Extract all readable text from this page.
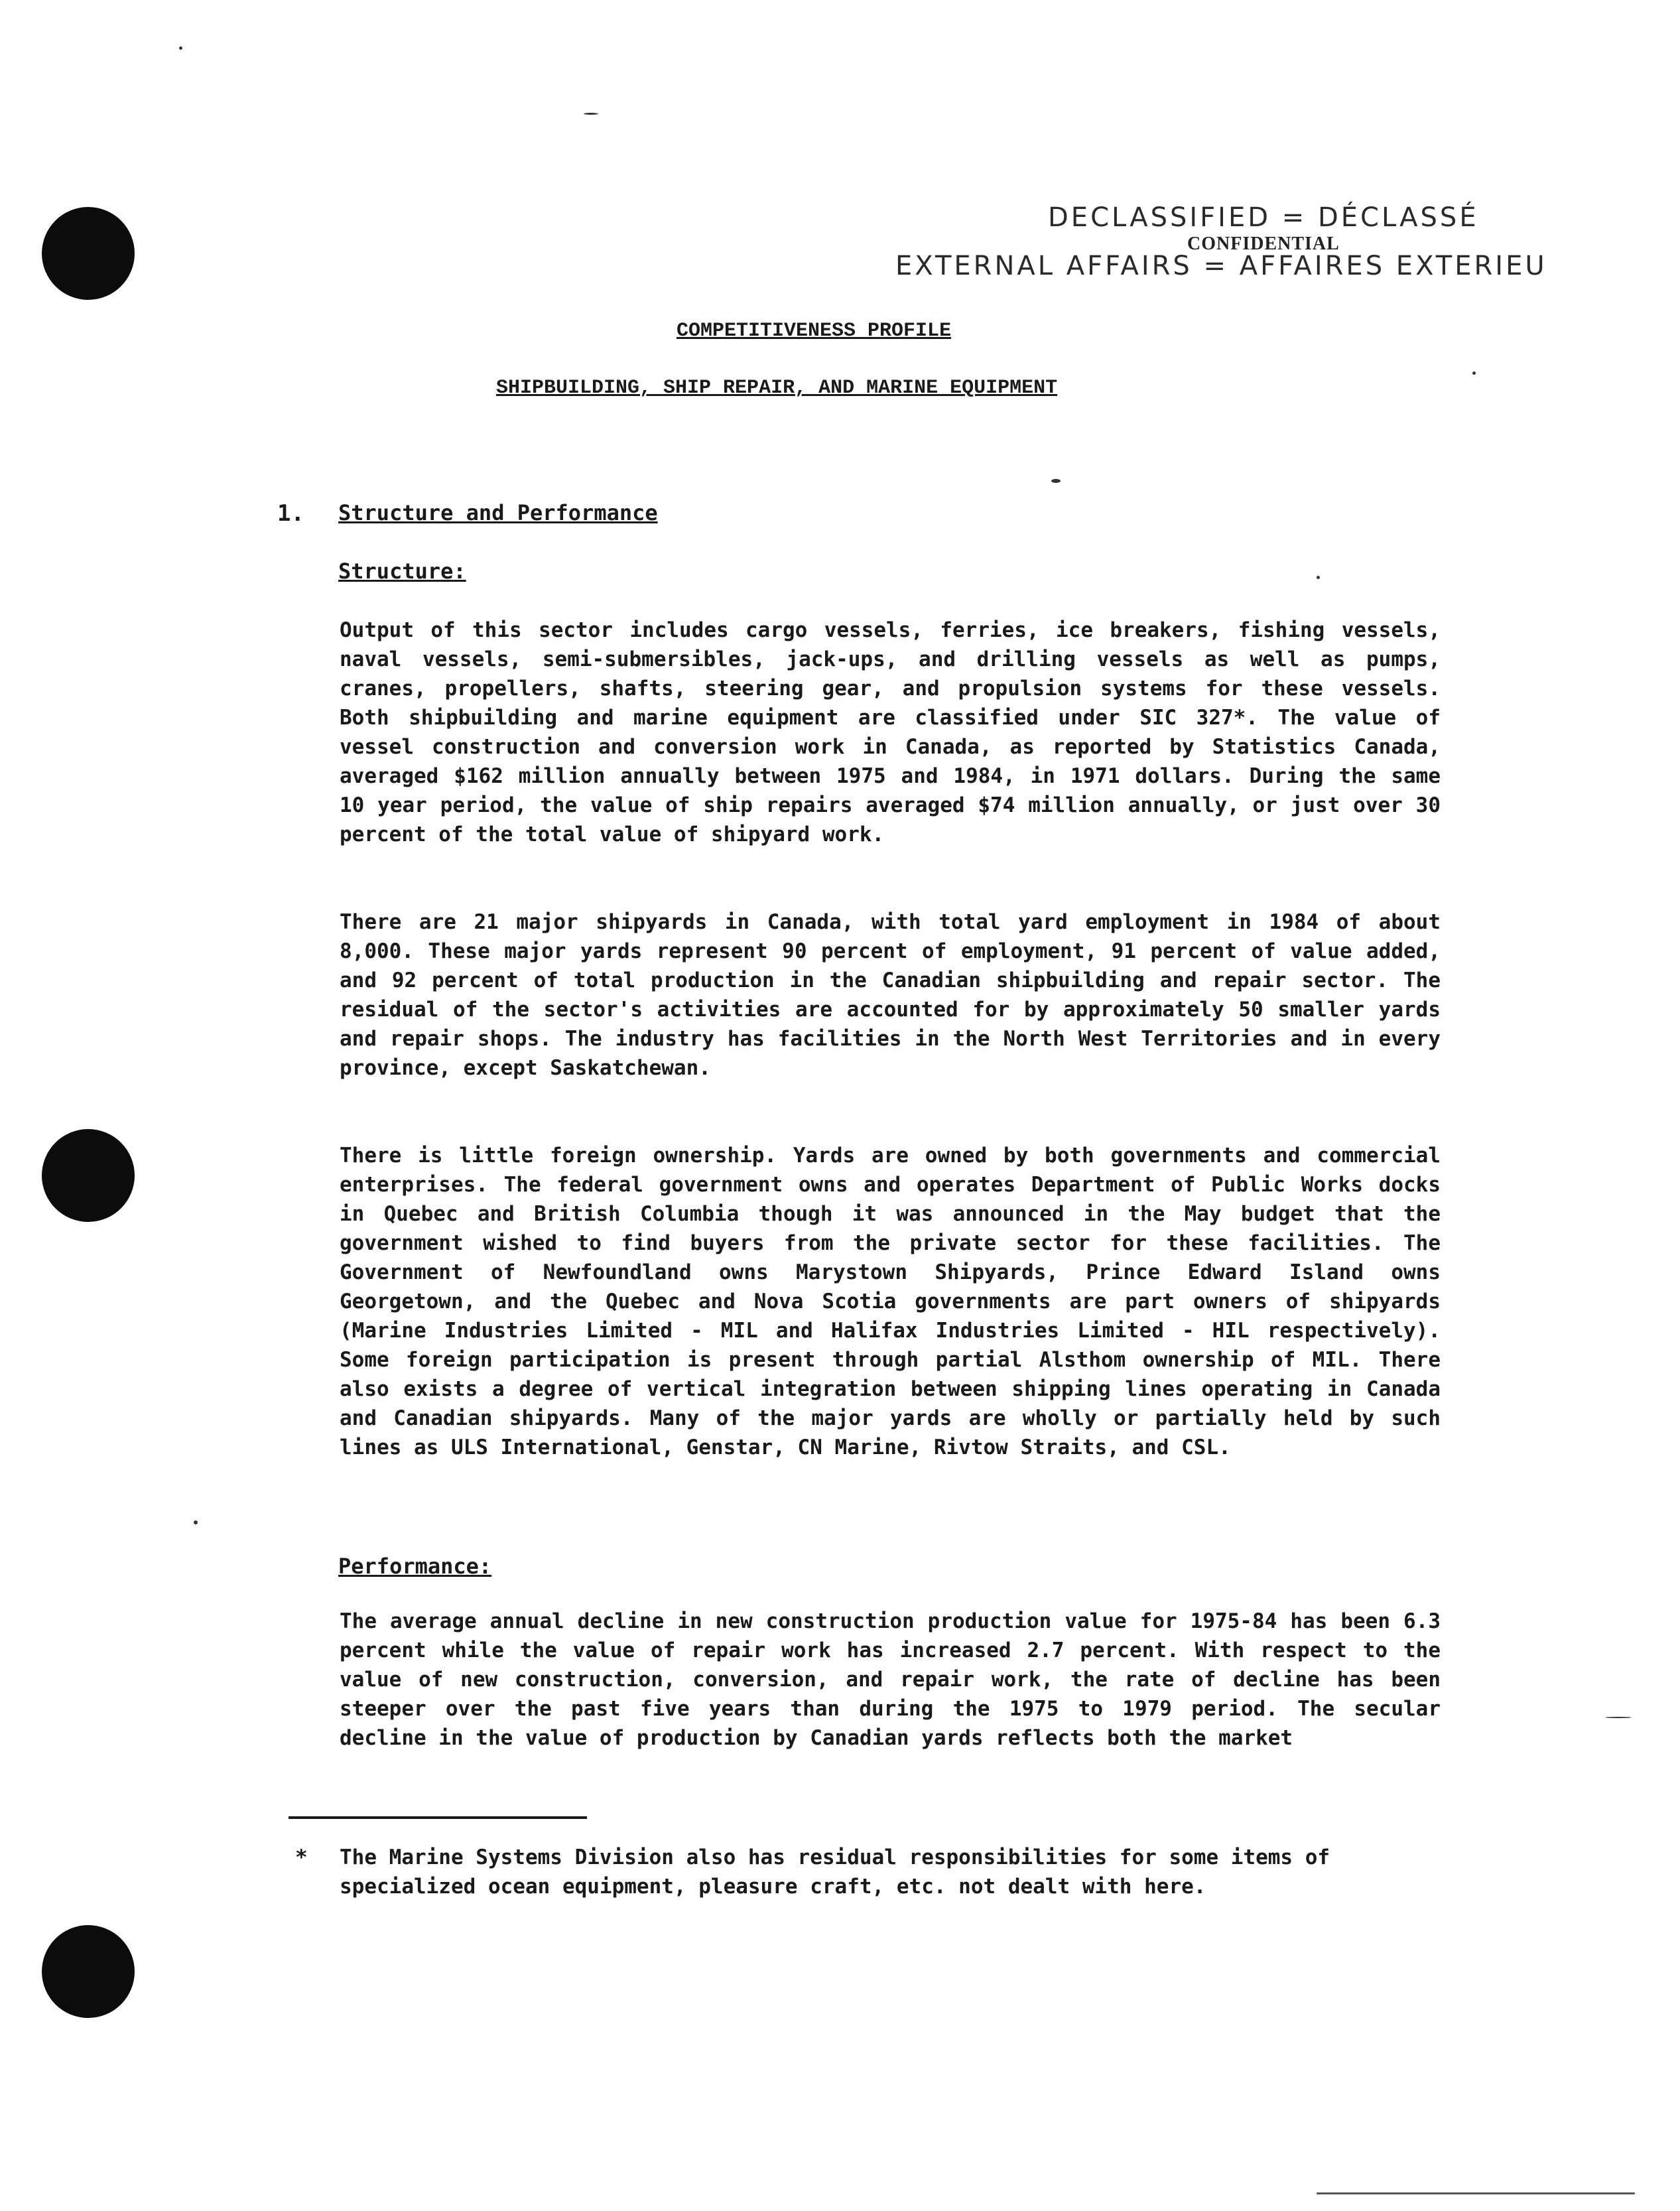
DECLASSIFIED = DÉCLASSÉ
CONFIDENTIAL
EXTERNAL AFFAIRS = AFFAIRES EXTERIEU
COMPETITIVENESS PROFILE
SHIPBUILDING, SHIP REPAIR, AND MARINE EQUIPMENT
1. Structure and Performance
Structure:

Output of this sector includes cargo vessels, ferries, ice breakers, fishing vessels, naval vessels, semi-submersibles, jack-ups, and drilling vessels as well as pumps, cranes, propellers, shafts, steering gear, and propulsion systems for these vessels. Both shipbuilding and marine equipment are classified under SIC 327*. The value of vessel construction and conversion work in Canada, as reported by Statistics Canada, averaged $162 million annually between 1975 and 1984, in 1971 dollars. During the same 10 year period, the value of ship repairs averaged $74 million annually, or just over 30 percent of the total value of shipyard work.

There are 21 major shipyards in Canada, with total yard employment in 1984 of about 8,000. These major yards represent 90 percent of employment, 91 percent of value added, and 92 percent of total production in the Canadian shipbuilding and repair sector. The residual of the sector's activities are accounted for by approximately 50 smaller yards and repair shops. The industry has facilities in the North West Territories and in every province, except Saskatchewan.

There is little foreign ownership. Yards are owned by both governments and commercial enterprises. The federal government owns and operates Department of Public Works docks in Quebec and British Columbia though it was announced in the May budget that the government wished to find buyers from the private sector for these facilities. The Government of Newfoundland owns Marystown Shipyards, Prince Edward Island owns Georgetown, and the Quebec and Nova Scotia governments are part owners of shipyards (Marine Industries Limited - MIL and Halifax Industries Limited - HIL respectively). Some foreign participation is present through partial Alsthom ownership of MIL. There also exists a degree of vertical integration between shipping lines operating in Canada and Canadian shipyards. Many of the major yards are wholly or partially held by such lines as ULS International, Genstar, CN Marine, Rivtow Straits, and CSL.

Performance:

The average annual decline in new construction production value for 1975-84 has been 6.3 percent while the value of repair work has increased 2.7 percent. With respect to the value of new construction, conversion, and repair work, the rate of decline has been steeper over the past five years than during the 1975 to 1979 period. The secular decline in the value of production by Canadian yards reflects both the market

* The Marine Systems Division also has residual responsibilities for some items of specialized ocean equipment, pleasure craft, etc. not dealt with here.
